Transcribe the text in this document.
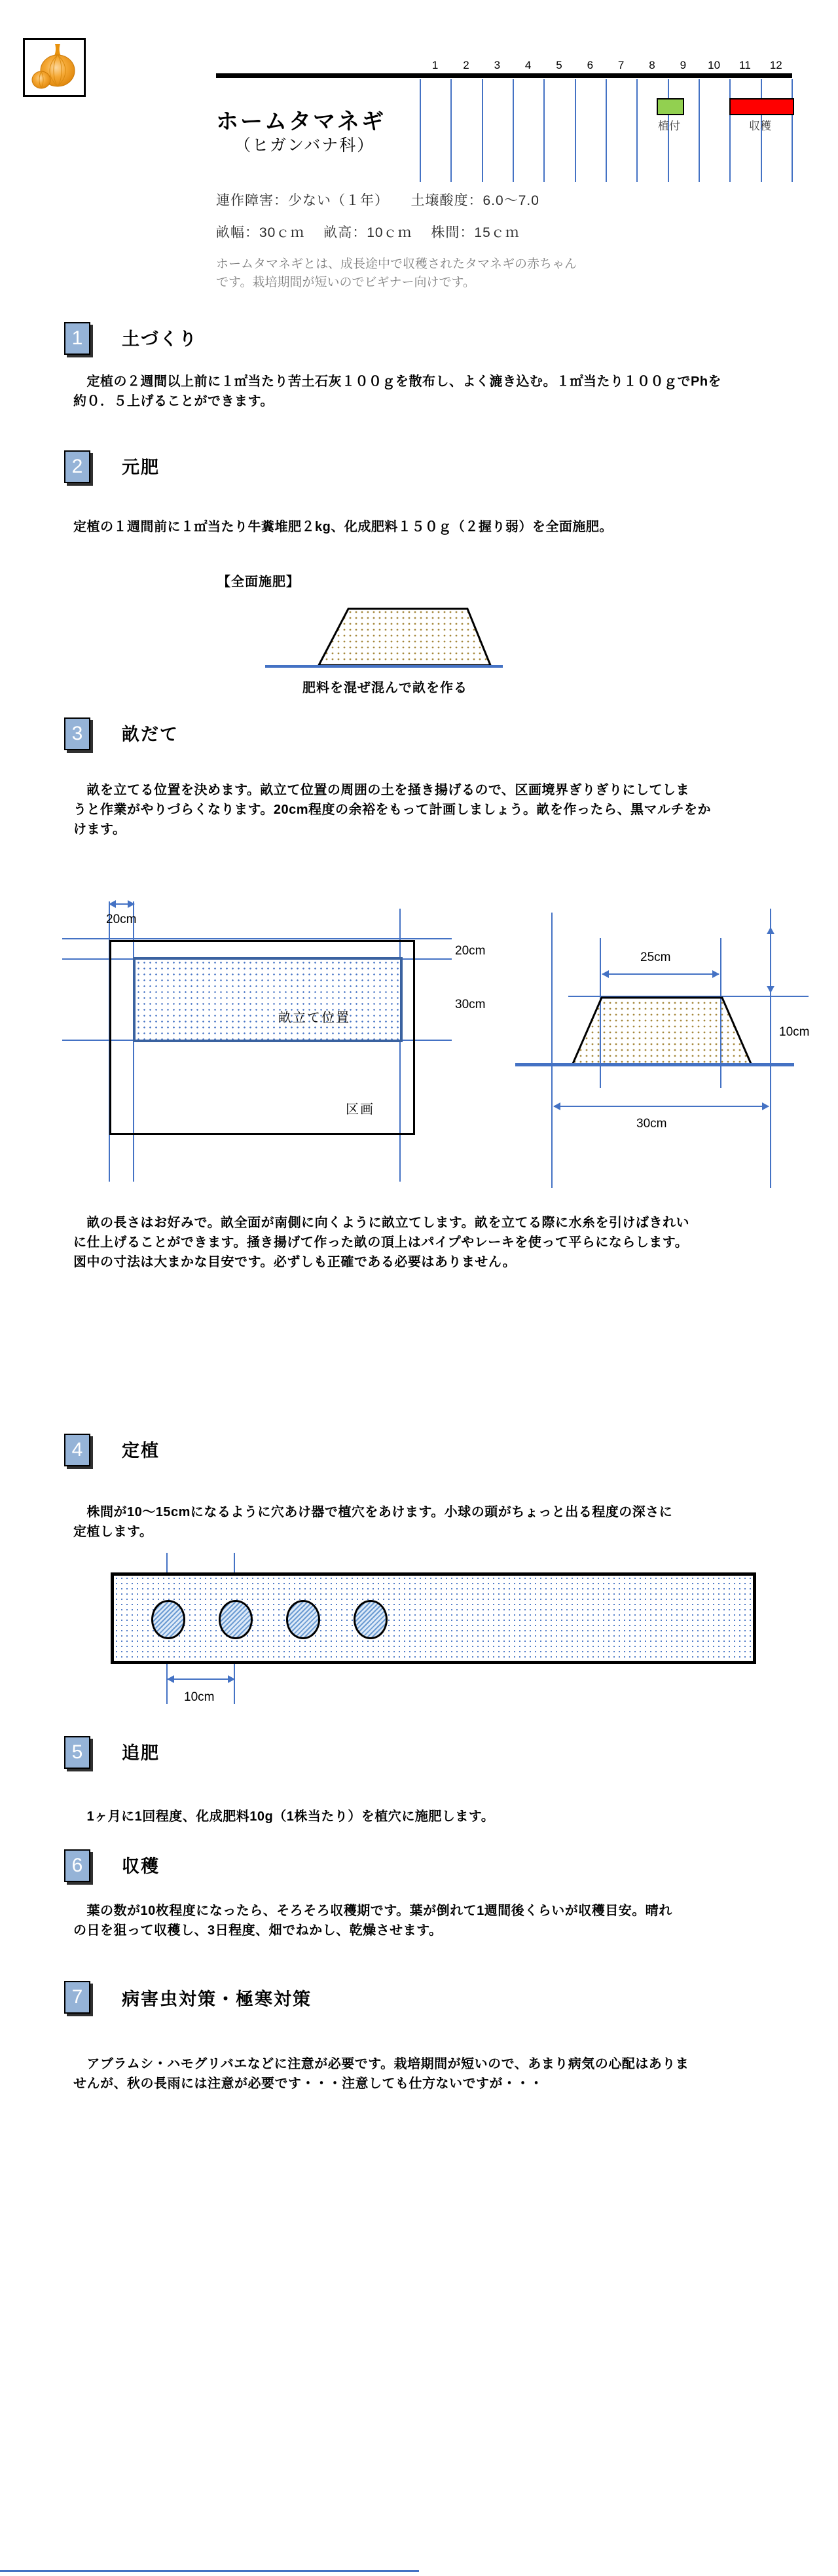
1	2	3	4	5	6	7	8	9	10 11 12
植付	収穫
ホームタマネギ
（ヒガンバナ科）
連作障害：少ない（１年）　　土壌酸度：6.0～7.0
畝幅：30ｃｍ　 畝高：10ｃｍ　 株間：15ｃｍ
ホームタマネギとは、成長途中で収穫されたタマネギの赤ちゃん
です。栽培期間が短いのでビギナー向けです。
1	土づくり
　定植の２週間以上前に１㎡当たり苦土石灰１００ｇを散布し、よく漉き込む。１㎡当たり１００ｇでPhを
約０．５上げることができます。
2	元肥
定植の１週間前に１㎡当たり牛糞堆肥２kg、化成肥料１５０ｇ（２握り弱）を全面施肥。
【全面施肥】
肥料を混ぜ混んで畝を作る
3	畝だて
　畝を立てる位置を決めます。畝立て位置の周囲の土を掻き揚げるので、区画境界ぎりぎりにしてしま
うと作業がやりづらくなります。20cm程度の余裕をもって計画しましょう。畝を作ったら、黒マルチをか
けます。
20cm
畝立て位置
区画
20cm
30cm
25cm
10cm
30cm
　畝の長さはお好みで。畝全面が南側に向くように畝立てします。畝を立てる際に水糸を引けばきれい
に仕上げることができます。掻き揚げて作った畝の頂上はパイプやレーキを使って平らにならします。
図中の寸法は大まかな目安です。必ずしも正確である必要はありません。
4	定植
　株間が10～15cmになるように穴あけ器で植穴をあけます。小球の頭がちょっと出る程度の深さに
定植します。
10cm
5	追肥
　1ヶ月に1回程度、化成肥料10g（1株当たり）を植穴に施肥します。
6	収穫
　葉の数が10枚程度になったら、そろそろ収穫期です。葉が倒れて1週間後くらいが収穫目安。晴れ
の日を狙って収穫し、3日程度、畑でねかし、乾燥させます。
7	病害虫対策・極寒対策
　アブラムシ・ハモグリバエなどに注意が必要です。栽培期間が短いので、あまり病気の心配はありま
せんが、秋の長雨には注意が必要です・・・注意しても仕方ないですが・・・
